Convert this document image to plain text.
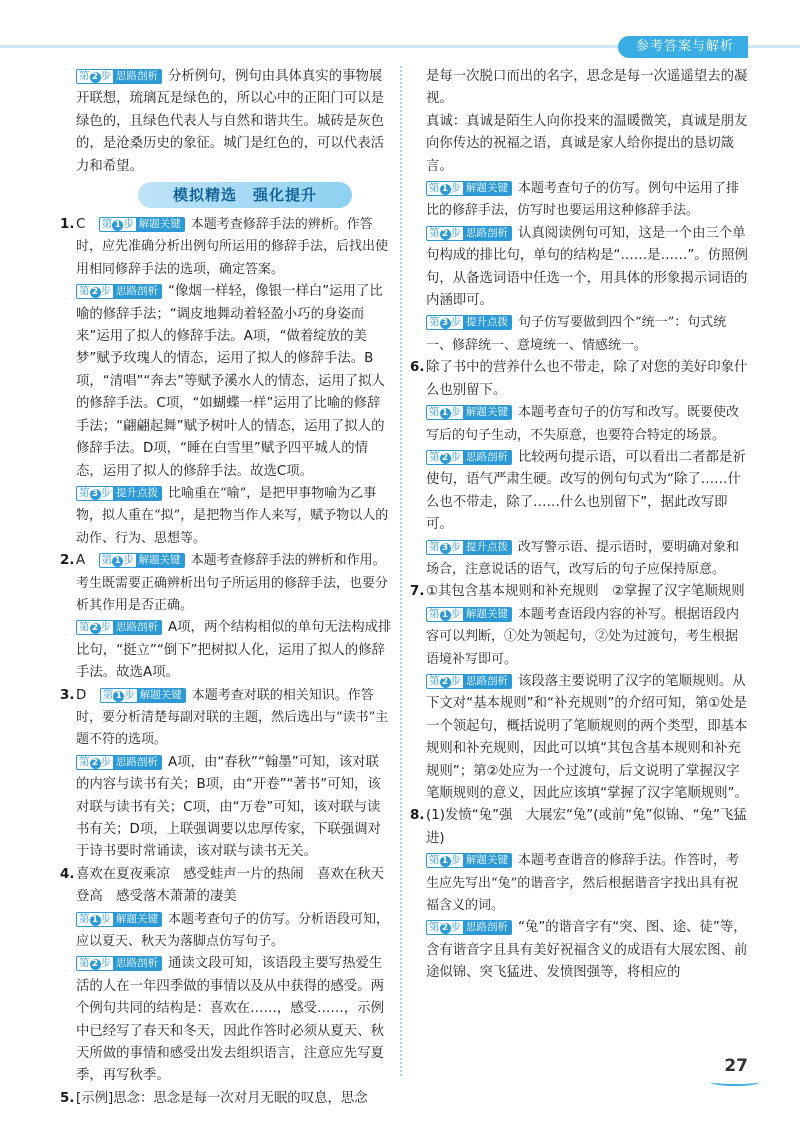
参考答案与解析

第 2 步 思路剖析 分析例句，例句由具体真实的事物展开联想，琉璃瓦是绿色的，所以心中的正阳门可以是绿色的，且绿色代表人与自然和谐共生。城砖是灰色的，是沧桑历史的象征。城门是红色的，可以代表活力和希望。

模拟精选　强化提升
1. C　 第 1 步 解题关键 本题考查修辞手法的辨析。作答时，应先准确分析出例句所运用的修辞手法，后找出使用相同修辞手法的选项，确定答案。

第 2 步 思路剖析 “像烟一样轻，像银一样白”运用了比喻的修辞手法；“调皮地舞动着轻盈小巧的身姿而来”运用了拟人的修辞手法。A项，“做着绽放的美梦”赋予玫瑰人的情态，运用了拟人的修辞手法。B项，“清唱”“奔去”等赋予溪水人的情态，运用了拟人的修辞手法。C项，“如蝴蝶一样”运用了比喻的修辞手法；“翩翩起舞”赋予树叶人的情态，运用了拟人的修辞手法。D项，“睡在白雪里”赋予四平城人的情态，运用了拟人的修辞手法。故选C项。

第 3 步 提升点拨 比喻重在“喻”，是把甲事物喻为乙事物，拟人重在“拟”，是把物当作人来写，赋予物以人的动作、行为、思想等。

2. A　 第 1 步 解题关键 本题考查修辞手法的辨析和作用。考生既需要正确辨析出句子所运用的修辞手法，也要分析其作用是否正确。

第 2 步 思路剖析 A项，两个结构相似的单句无法构成排比句，“挺立”“倒下”把树拟人化，运用了拟人的修辞手法。故选A项。

3. D　 第 1 步 解题关键 本题考查对联的相关知识。作答时，要分析清楚每副对联的主题，然后选出与“读书”主题不符的选项。

第 2 步 思路剖析 A项，由“春秋”“翰墨”可知，该对联的内容与读书有关；B项，由“开卷”“著书”可知，该对联与读书有关；C项，由“万卷”可知，该对联与读书有关；D项，上联强调要以忠厚传家，下联强调对于诗书要时常诵读，该对联与读书无关。

4. 喜欢在夏夜乘凉　感受蛙声一片的热闹　喜欢在秋天登高　感受落木萧萧的凄美

第 1 步 解题关键 本题考查句子的仿写。分析语段可知，应以夏天、秋天为落脚点仿写句子。

第 2 步 思路剖析 通读文段可知，该语段主要写热爱生活的人在一年四季做的事情以及从中获得的感受。两个例句共同的结构是：喜欢在……，感受……，示例中已经写了春天和冬天，因此作答时必须从夏天、秋天所做的事情和感受出发去组织语言，注意应先写夏季，再写秋季。

5. [示例]思念：思念是每一次对月无眠的叹息，思念

是每一次脱口而出的名字，思念是每一次遥遥望去的凝视。

真诚：真诚是陌生人向你投来的温暖微笑，真诚是朋友向你传达的祝福之语，真诚是家人给你提出的恳切箴言。

第 1 步 解题关键 本题考查句子的仿写。例句中运用了排比的修辞手法，仿写时也要运用这种修辞手法。

第 2 步 思路剖析 认真阅读例句可知，这是一个由三个单句构成的排比句，单句的结构是“……是……”。仿照例句，从备选词语中任选一个，用具体的形象揭示词语的内涵即可。

第 3 步 提升点拨 句子仿写要做到四个“统一”：句式统一、修辞统一、意境统一、情感统一。

6. 除了书中的营养什么也不带走，除了对您的美好印象什么也别留下。

第 1 步 解题关键 本题考查句子的仿写和改写。既要使改写后的句子生动，不失原意，也要符合特定的场景。

第 2 步 思路剖析 比较两句提示语，可以看出二者都是祈使句，语气严肃生硬。改写的例句句式为“除了……什么也不带走，除了……什么也别留下”，据此改写即可。

第 3 步 提升点拨 改写警示语、提示语时，要明确对象和场合，注意说话的语气，改写后的句子应保持原意。

7. ①其包含基本规则和补充规则　②掌握了汉字笔顺规则

第 1 步 解题关键 本题考查语段内容的补写。根据语段内容可以判断，①处为领起句，②处为过渡句，考生根据语境补写即可。

第 2 步 思路剖析 该段落主要说明了汉字的笔顺规则。从下文对“基本规则”和“补充规则”的介绍可知，第①处是一个领起句，概括说明了笔顺规则的两个类型，即基本规则和补充规则，因此可以填“其包含基本规则和补充规则”；第②处应为一个过渡句，后文说明了掌握汉字笔顺规则的意义，因此应该填“掌握了汉字笔顺规则”。

8. (1)发愤“兔”强　大展宏“兔”(或前“兔”似锦、“兔”飞猛进)

第 1 步 解题关键 本题考查谐音的修辞手法。作答时，考生应先写出“兔”的谐音字，然后根据谐音字找出具有祝福含义的词。

第 2 步 思路剖析 “兔”的谐音字有“突、图、途、徒”等，含有谐音字且具有美好祝福含义的成语有大展宏图、前途似锦、突飞猛进、发愤图强等，将相应的

27
